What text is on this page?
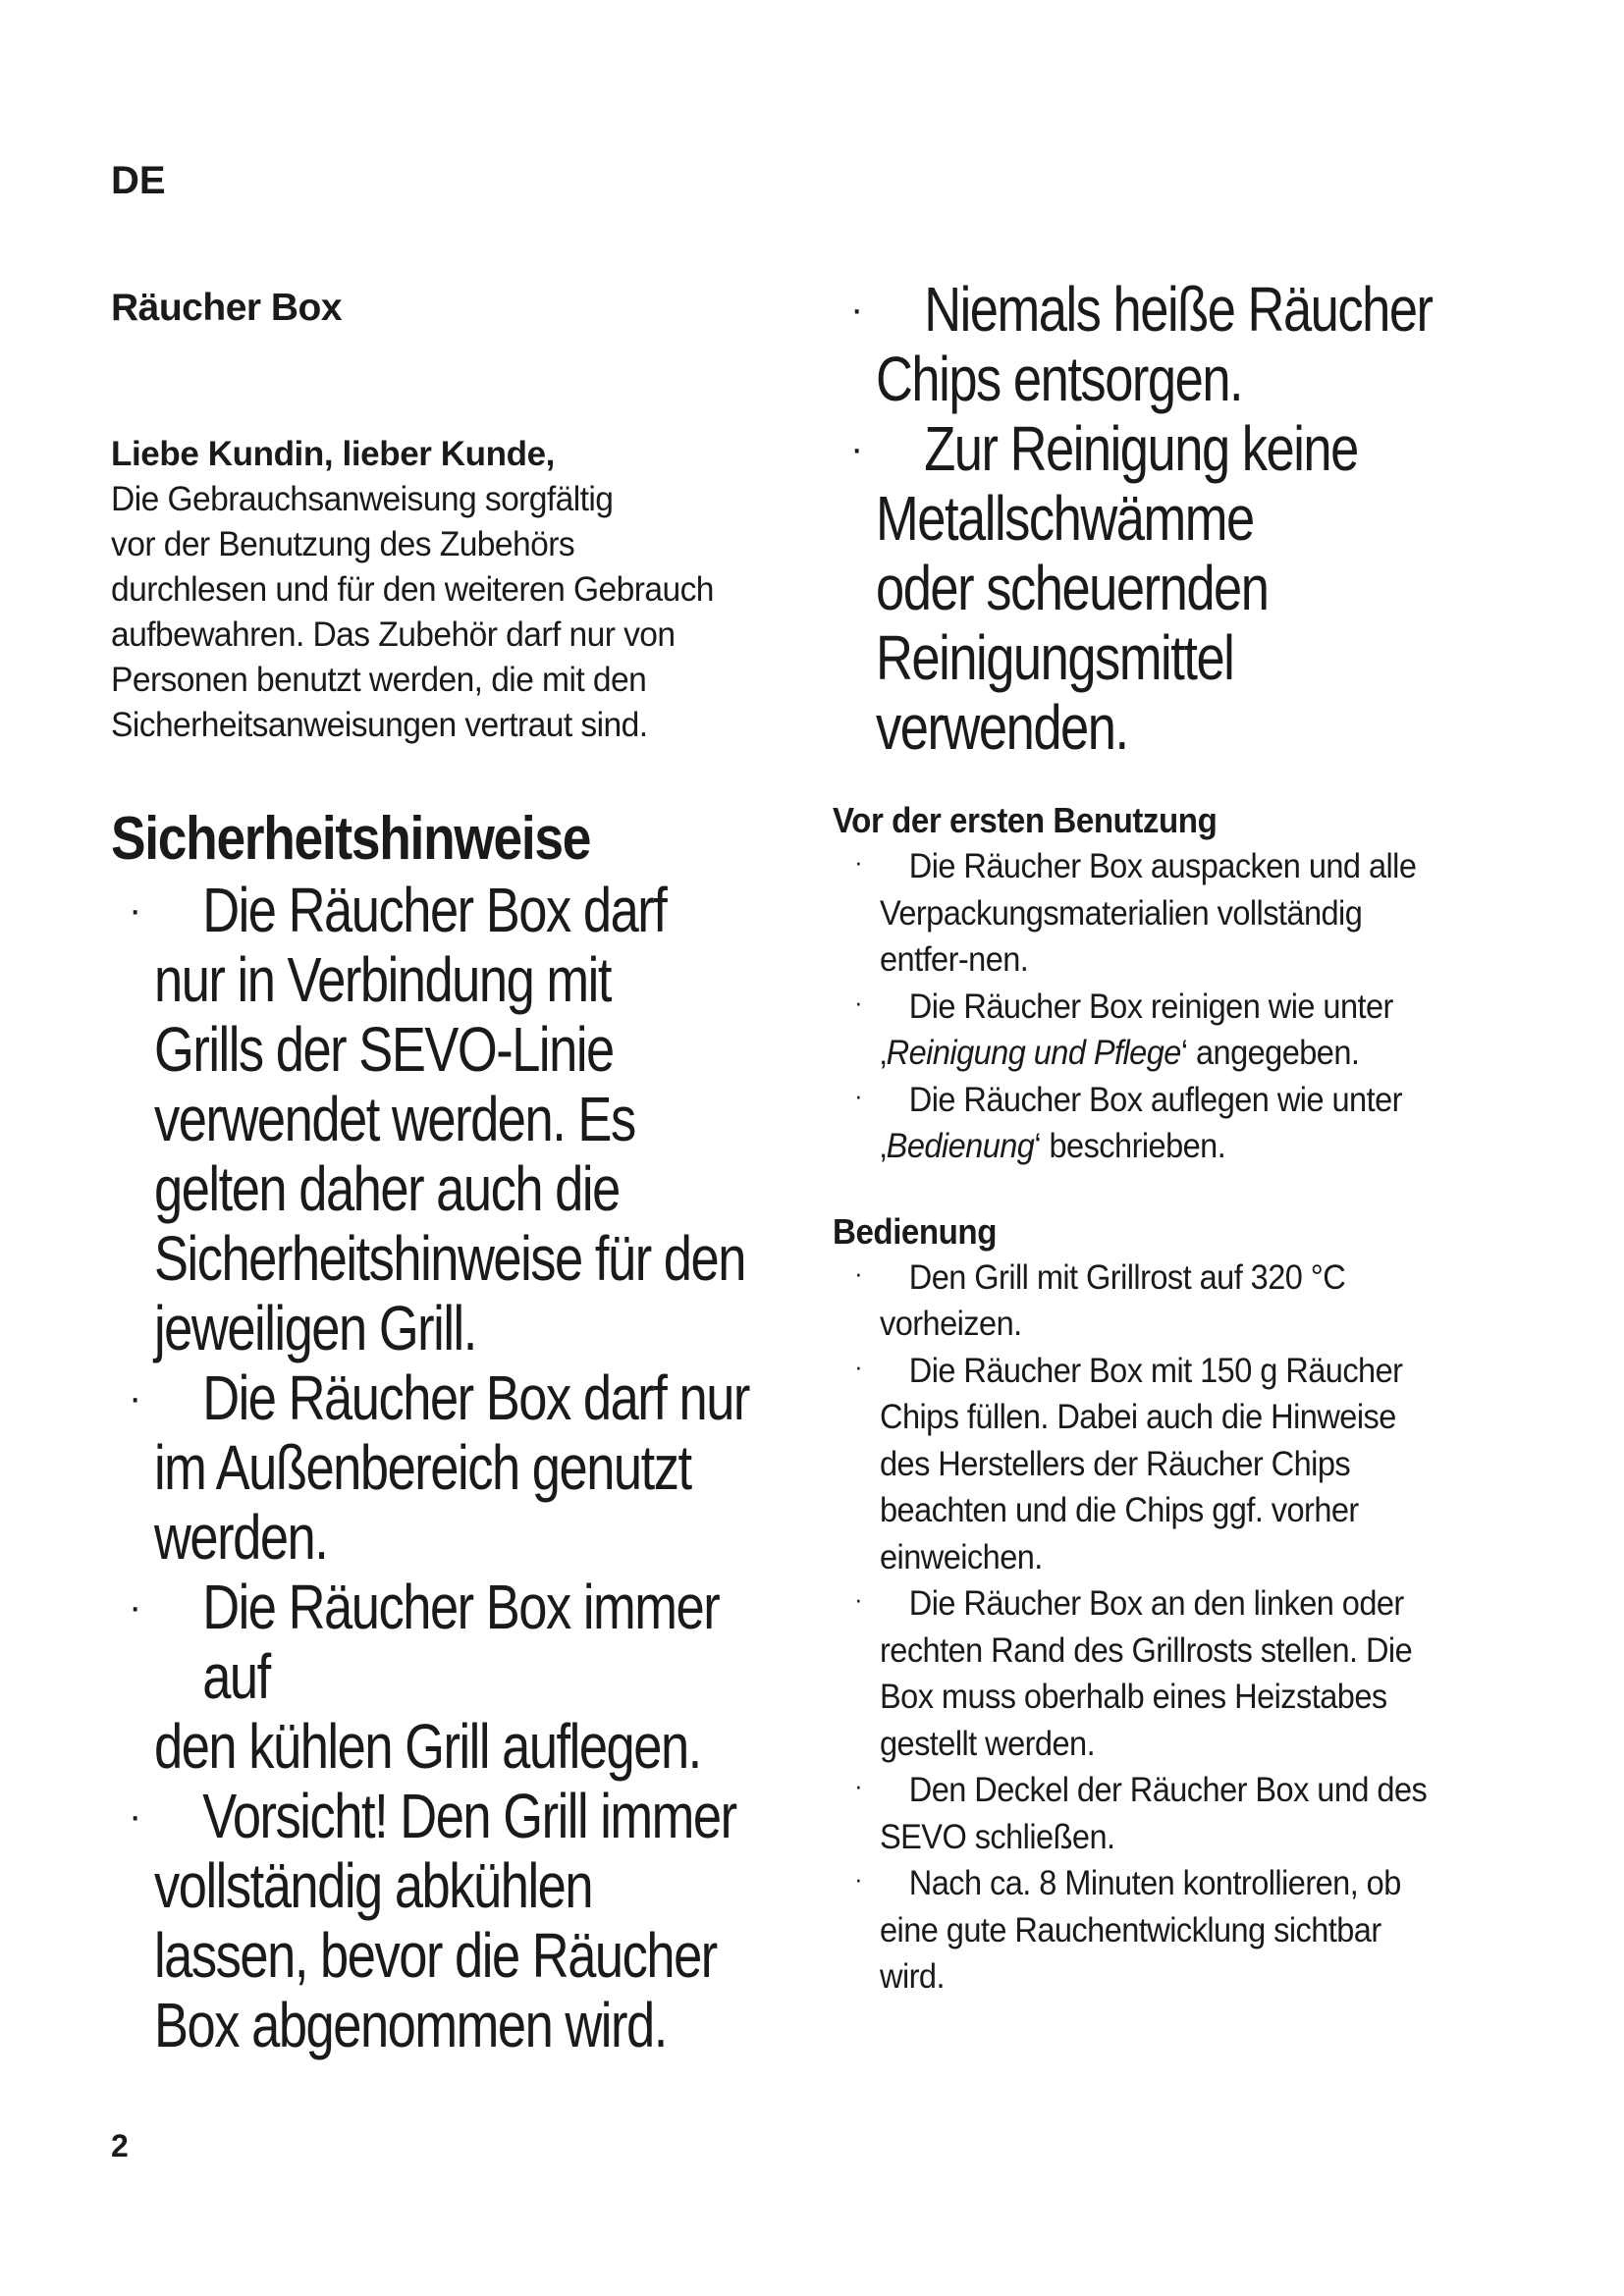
DE
Räucher Box
Liebe Kundin, lieber Kunde,
Die Gebrauchsanweisung sorgfältig
vor der Benutzung des Zubehörs
durchlesen und für den weiteren Gebrauch
aufbewahren. Das Zubehör darf nur von
Personen benutzt werden, die mit den
Sicherheitsanweisungen vertraut sind.
Sicherheitshinweise
· Die Räucher Box darf
nur in Verbindung mit
Grills der SEVO-Linie
verwendet werden. Es
gelten daher auch die
Sicherheitshinweise für den
jeweiligen Grill.
· Die Räucher Box darf nur
im Außenbereich genutzt
werden.
· Die Räucher Box immer auf
den kühlen Grill auflegen.
· Vorsicht! Den Grill immer
vollständig abkühlen
lassen, bevor die Räucher
Box abgenommen wird.
· Niemals heiße Räucher
Chips entsorgen.
· Zur Reinigung keine
Metallschwämme
oder scheuernden
Reinigungsmittel
verwenden.
Vor der ersten Benutzung
·	Die Räucher Box auspacken und alle
Verpackungsmaterialien vollständig
entfer-nen.
·	Die Räucher Box reinigen wie unter
‚Reinigung und Pflege‘ angegeben.
·	Die Räucher Box auflegen wie unter
‚Bedienung‘ beschrieben.
Bedienung
·	Den Grill mit Grillrost auf 320 °C
vorheizen.
·	Die Räucher Box mit 150 g Räucher
Chips füllen. Dabei auch die Hinweise
des Herstellers der Räucher Chips
beachten und die Chips ggf. vorher
einweichen.
·	Die Räucher Box an den linken oder
rechten Rand des Grillrosts stellen. Die
Box muss oberhalb eines Heizstabes
gestellt werden.
·	Den Deckel der Räucher Box und des
SEVO schließen.
·	Nach ca. 8 Minuten kontrollieren, ob
eine gute Rauchentwicklung sichtbar
wird.
2
